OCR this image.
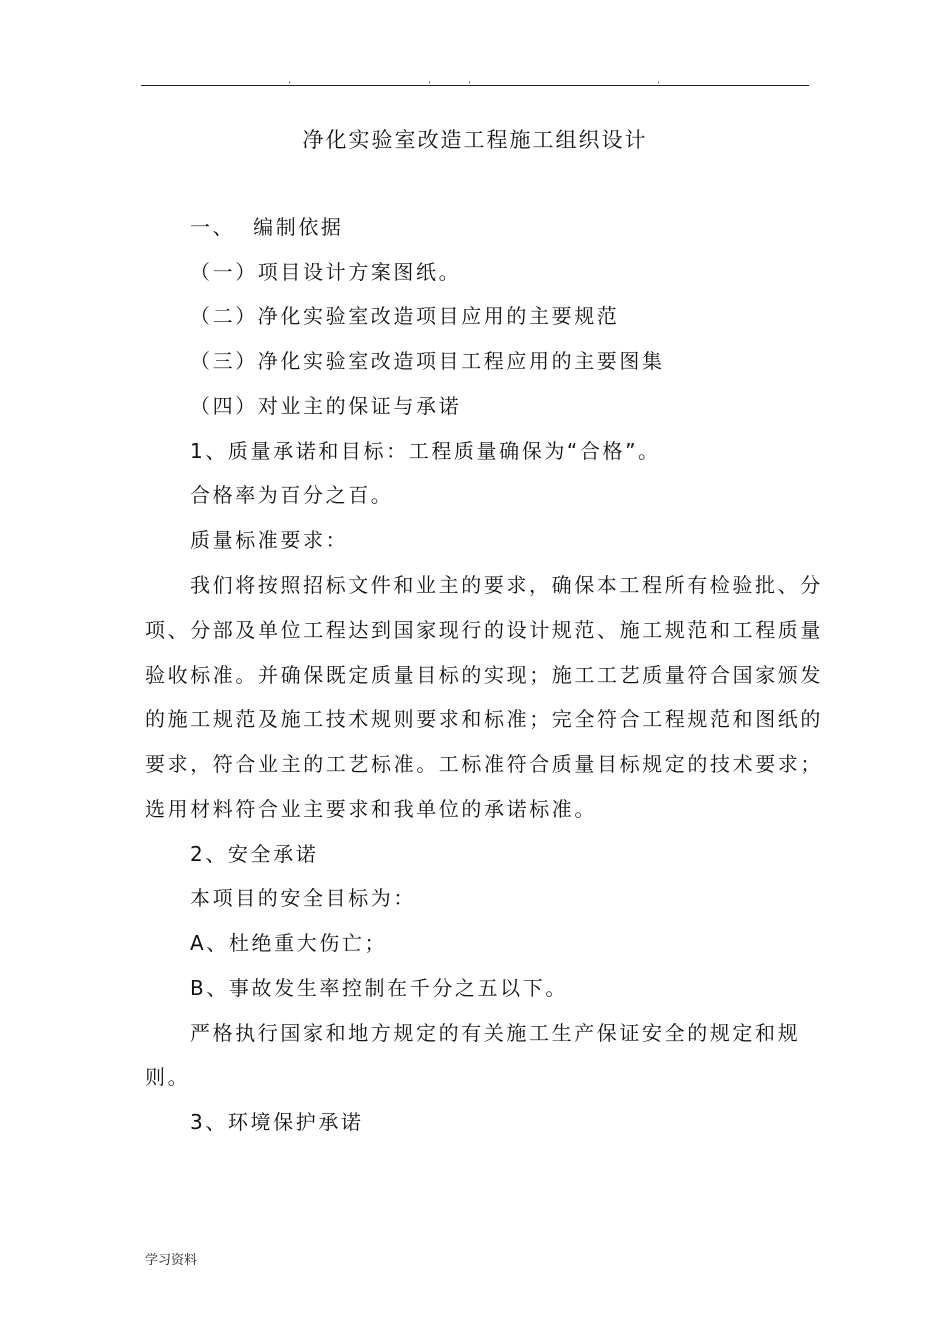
.	.	.	.
净化实验室改造工程施工组织设计
一、  编制依据
（一）项目设计方案图纸。
（二）净化实验室改造项目应用的主要规范
（三）净化实验室改造项目工程应用的主要图集
（四）对业主的保证与承诺
1、质量承诺和目标：工程质量确保为“合格”。
合格率为百分之百。
质量标准要求：
我们将按照招标文件和业主的要求，确保本工程所有检验批、分
项、分部及单位工程达到国家现行的设计规范、施工规范和工程质量
验收标准。并确保既定质量目标的实现；施工工艺质量符合国家颁发
的施工规范及施工技术规则要求和标准；完全符合工程规范和图纸的
要求，符合业主的工艺标准。工标准符合质量目标规定的技术要求；
选用材料符合业主要求和我单位的承诺标准。
2、安全承诺
本项目的安全目标为：
A、杜绝重大伤亡；
B、事故发生率控制在千分之五以下。
严格执行国家和地方规定的有关施工生产保证安全的规定和规
则。
3、环境保护承诺
学习资料
